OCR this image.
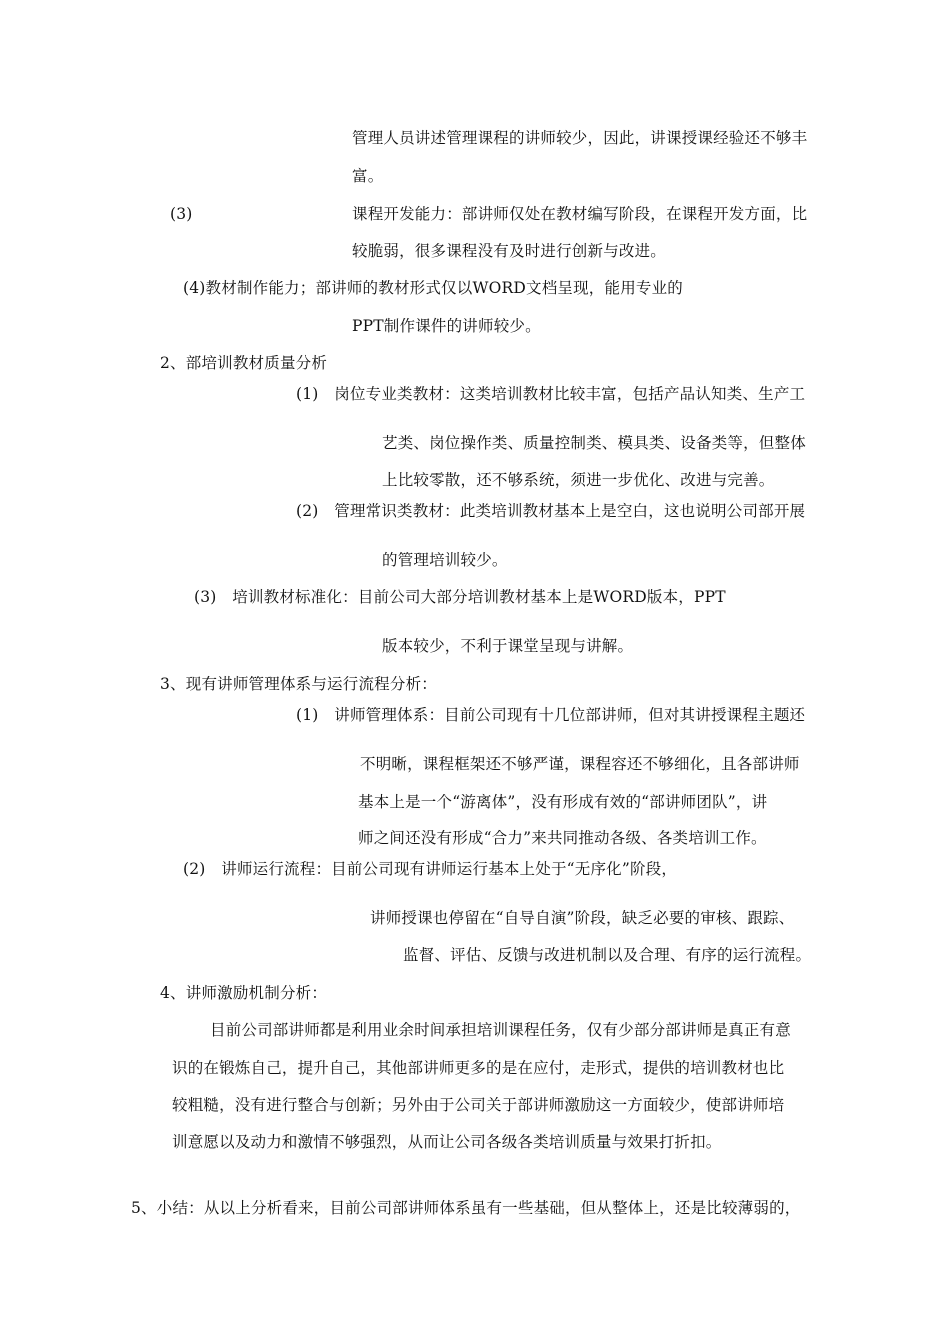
管理人员讲述管理课程的讲师较少，因此，讲课授课经验还不够丰

富。

(3)	课程开发能力：部讲师仅处在教材编写阶段，在课程开发方面，比

较脆弱，很多课程没有及时进行创新与改进。

(4)教材制作能力；部讲师的教材形式仅以WORD文档呈现，能用专业的

PPT制作课件的讲师较少。

2、部培训教材质量分析

(1)　岗位专业类教材：这类培训教材比较丰富，包括产品认知类、生产工

艺类、岗位操作类、质量控制类、模具类、设备类等，但整体

上比较零散，还不够系统，须进一步优化、改进与完善。

(2)　管理常识类教材：此类培训教材基本上是空白，这也说明公司部开展

的管理培训较少。

(3)　培训教材标准化：目前公司大部分培训教材基本上是WORD版本，PPT

版本较少，不利于课堂呈现与讲解。

3、现有讲师管理体系与运行流程分析：

(1)　讲师管理体系：目前公司现有十几位部讲师，但对其讲授课程主题还

不明晰，课程框架还不够严谨，课程容还不够细化，且各部讲师

基本上是一个“游离体”，没有形成有效的“部讲师团队”，讲

师之间还没有形成“合力”来共同推动各级、各类培训工作。

(2)　讲师运行流程：目前公司现有讲师运行基本上处于“无序化”阶段，

讲师授课也停留在“自导自演”阶段，缺乏必要的审核、跟踪、

监督、评估、反馈与改进机制以及合理、有序的运行流程。

4、讲师激励机制分析：

目前公司部讲师都是利用业余时间承担培训课程任务，仅有少部分部讲师是真正有意

识的在锻炼自己，提升自己，其他部讲师更多的是在应付，走形式，提供的培训教材也比

较粗糙，没有进行整合与创新；另外由于公司关于部讲师激励这一方面较少，使部讲师培

训意愿以及动力和激情不够强烈，从而让公司各级各类培训质量与效果打折扣。

5、小结：从以上分析看来，目前公司部讲师体系虽有一些基础，但从整体上，还是比较薄弱的，
